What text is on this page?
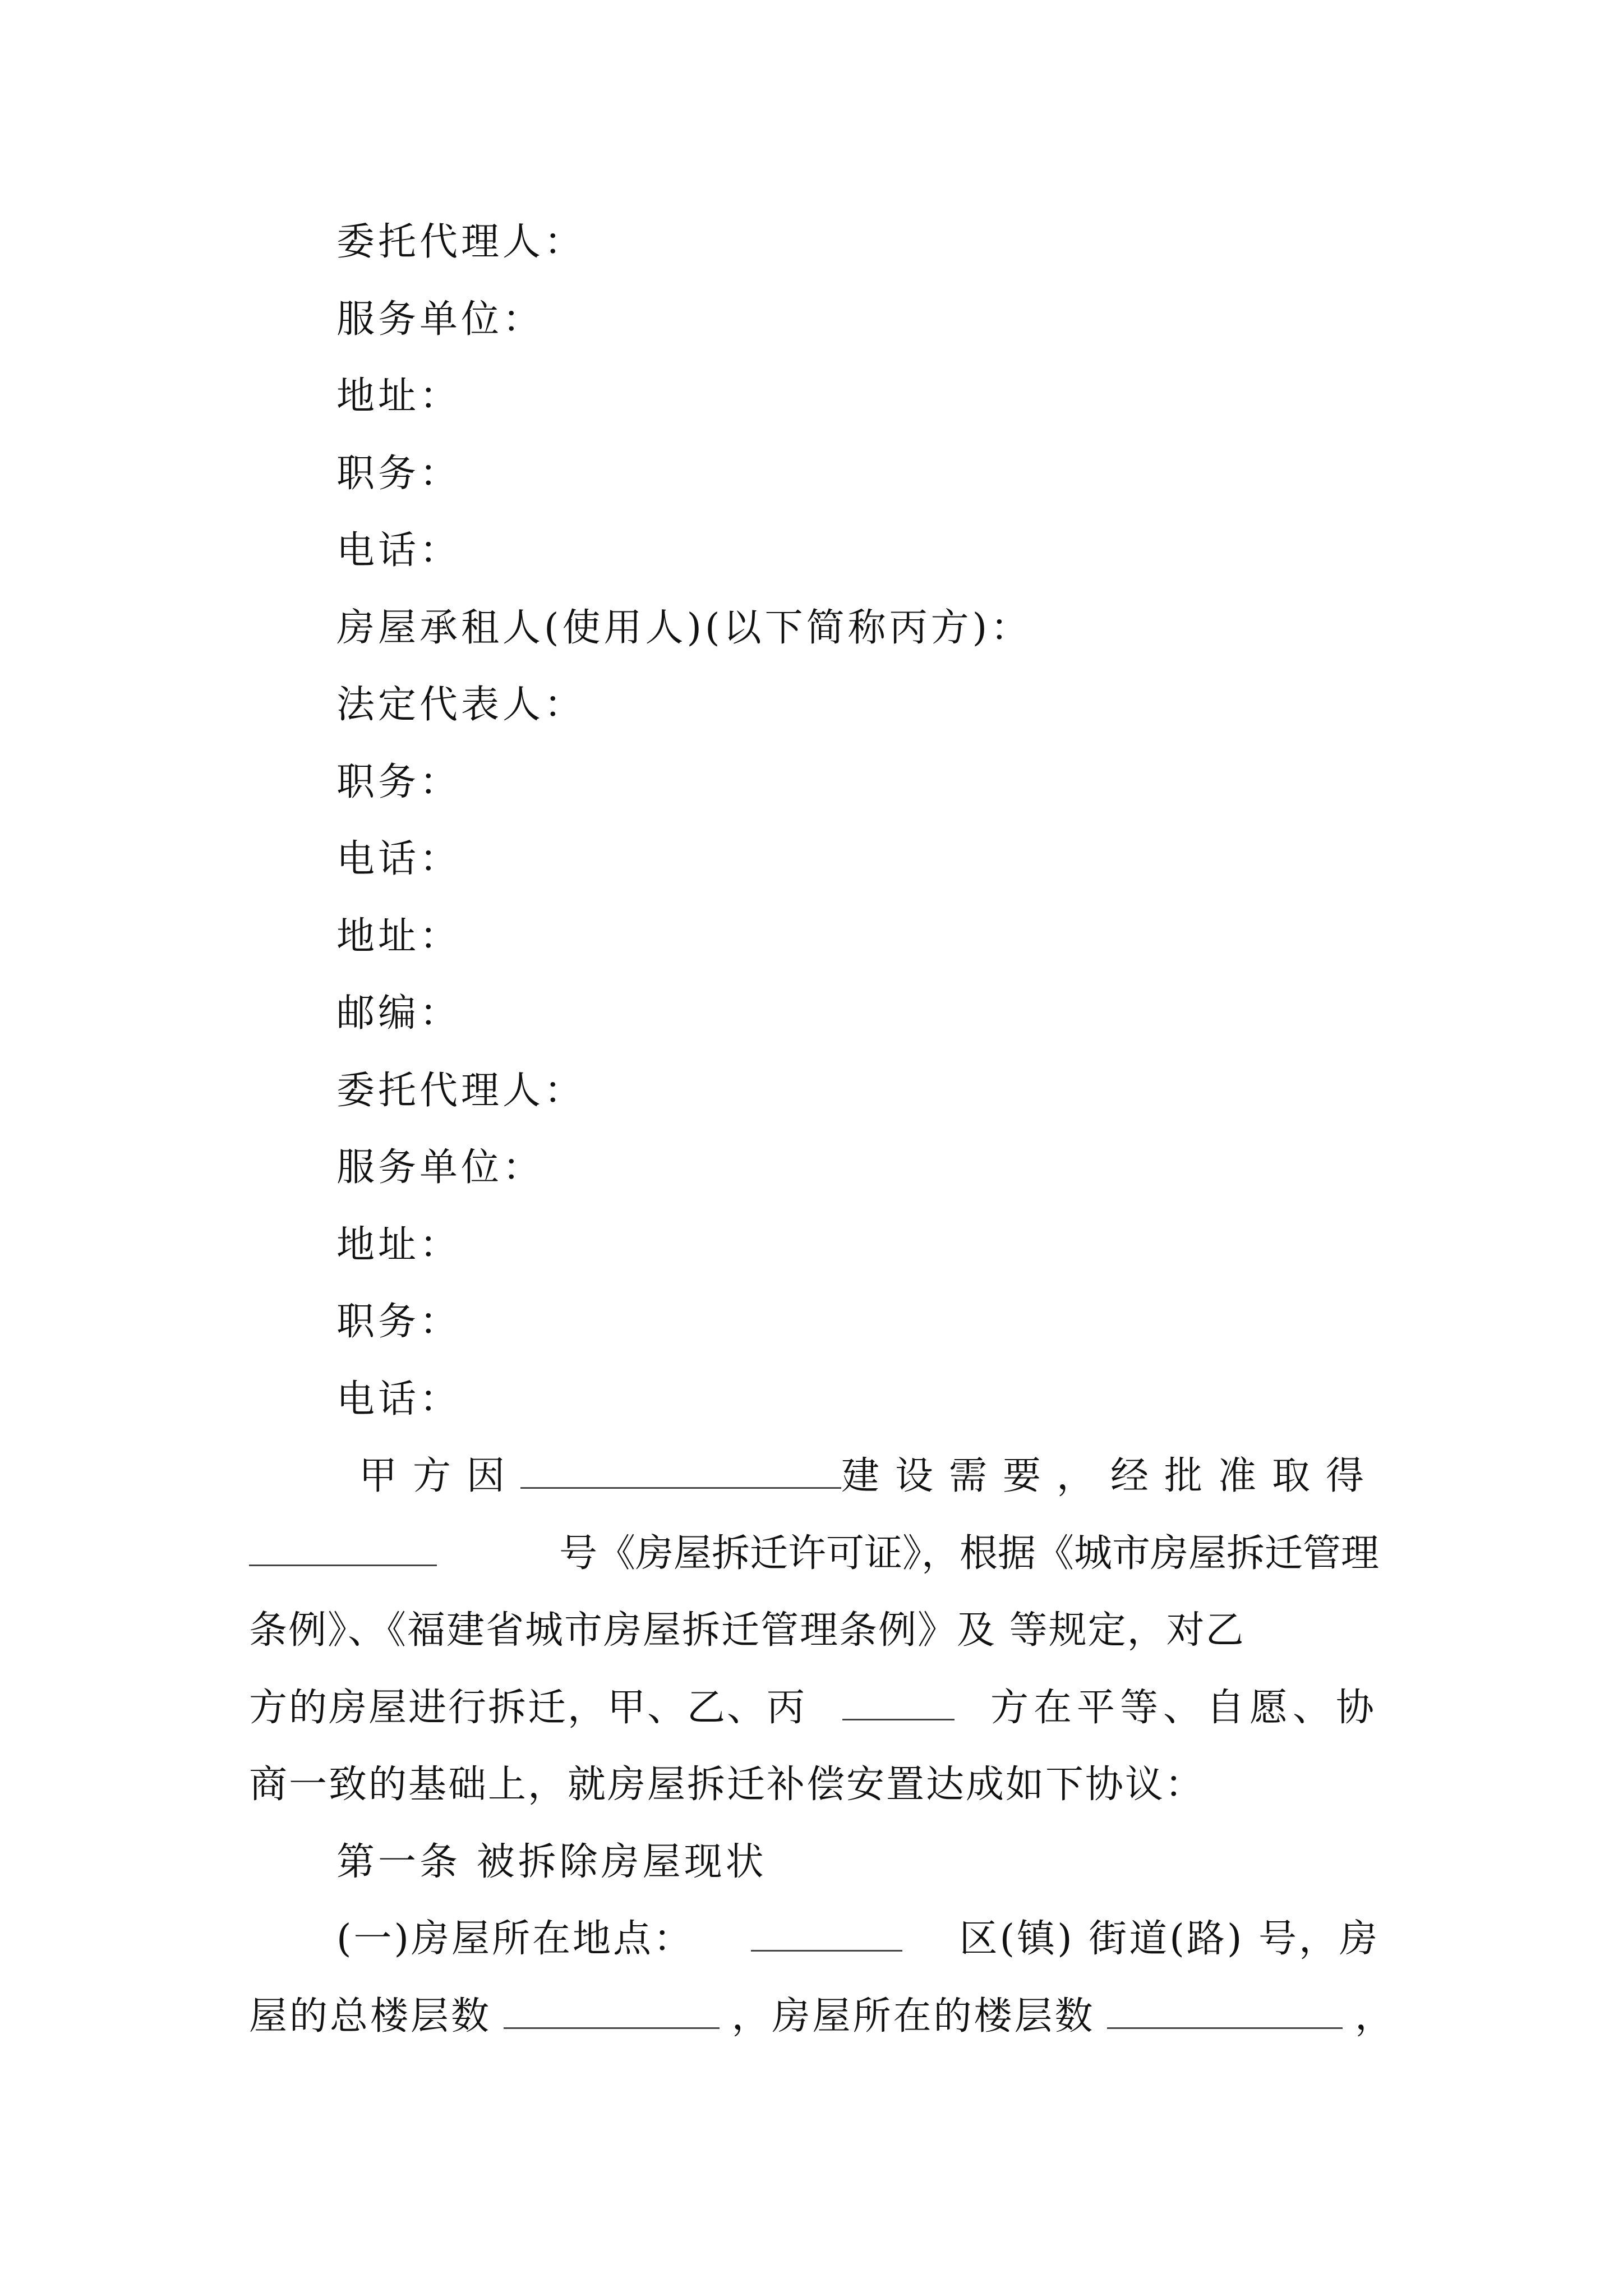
委托代理人：
服务单位：
地址：
职务：
电话：
房屋承租人(使用人)(以下简称丙方)：
法定代表人：
职务：
电话：
地址：
邮编：
委托代理人：
服务单位：
地址：
职务：
电话：
甲方因	建设需要，经批准取得
号《房屋拆迁许可证》，根据《城市房屋拆迁管理
条例》、《福建省城市房屋拆迁管理条例》及 等规定，对乙
方的房屋进行拆迁，甲、乙、丙	方在平等、自愿、协
商一致的基础上，就房屋拆迁补偿安置达成如下协议：
第一条 被拆除房屋现状
(一)房屋所在地点：	区(镇) 街道(路) 号，房
屋的总楼层数	，房屋所在的楼层数	，
